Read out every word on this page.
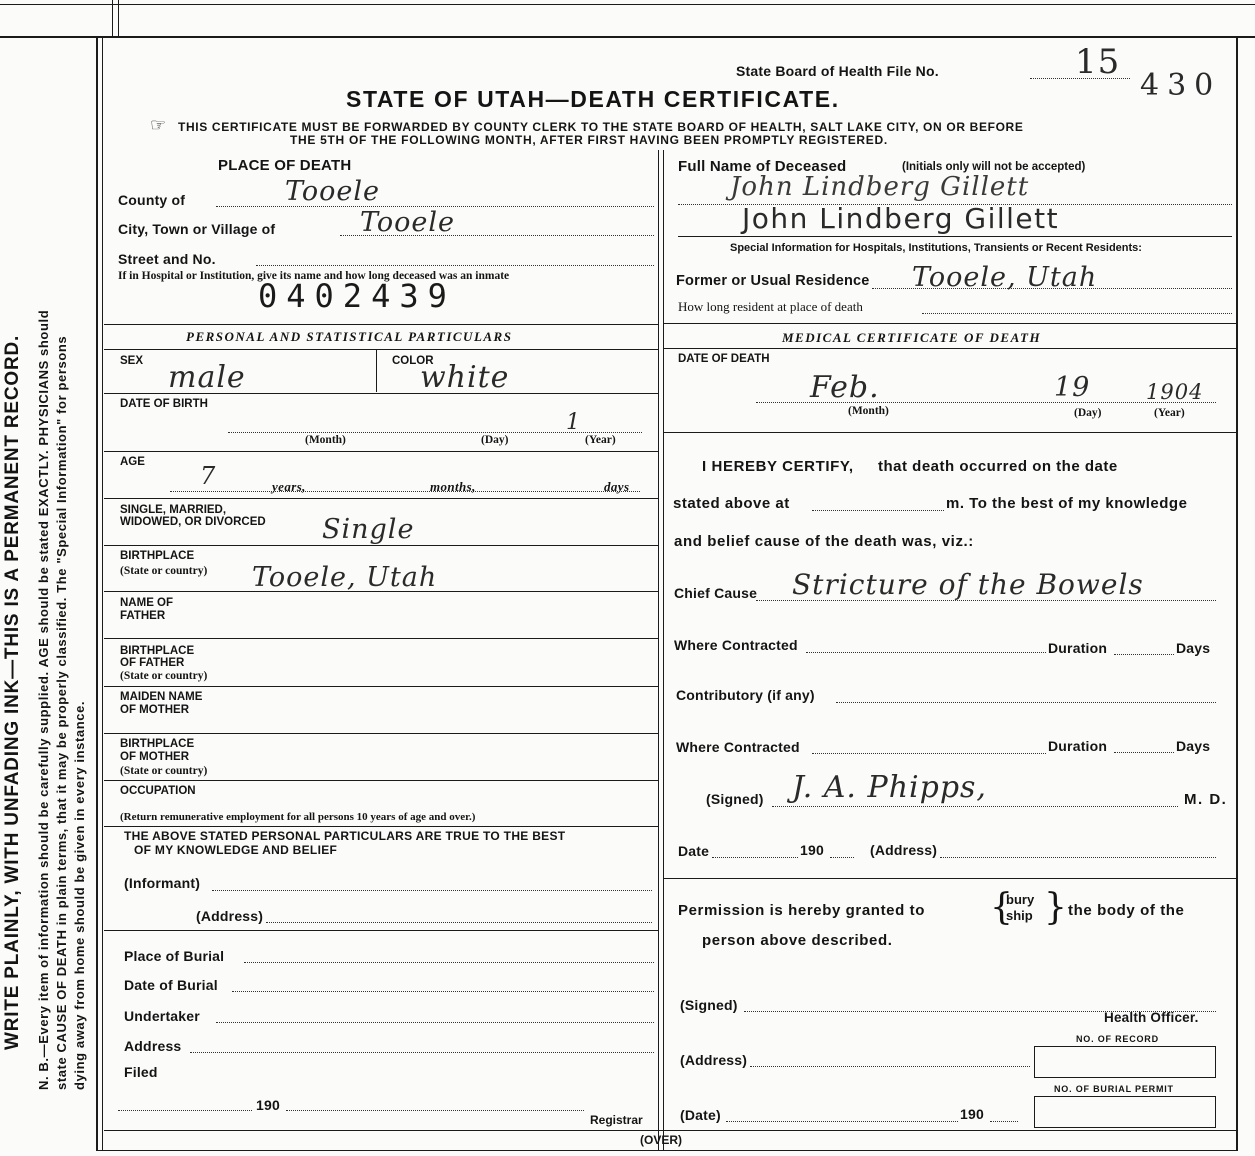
WRITE PLAINLY, WITH UNFADING INK—THIS IS A PERMANENT RECORD. N. B.—Every item of information should be carefully supplied. AGE should be stated EXACTLY. PHYSICIANS should state CAUSE OF DEATH in plain terms, that it may be properly classified. The "Special Information" for persons dying away from home should be given in every instance.
State Board of Health File No.	15
430
STATE OF UTAH—DEATH CERTIFICATE.
☞ THIS CERTIFICATE MUST BE FORWARDED BY COUNTY CLERK TO THE STATE BOARD OF HEALTH, SALT LAKE CITY, ON OR BEFORE
THE 5TH OF THE FOLLOWING MONTH, AFTER FIRST HAVING BEEN PROMPTLY REGISTERED.
PLACE OF DEATH
County of	Tooele
City, Town or Village of	Tooele
Street and No.
If in Hospital or Institution, give its name and how long deceased was an inmate
0402439
Full Name of Deceased	(Initials only will not be accepted)
John Lindberg Gillett
John Lindberg Gillett
Special Information for Hospitals, Institutions, Transients or Recent Residents:
Former or Usual Residence Tooele, Utah
How long resident at place of death
PERSONAL AND STATISTICAL PARTICULARS
SEX male	COLOR
white
DATE OF BIRTH
1
(Month)	(Day)	(Year)
AGE 7	years,	months,	days
SINGLE, MARRIED,
WIDOWED, OR DIVORCED Single
BIRTHPLACE
(State or country) Tooele, Utah
NAME OF
FATHER
BIRTHPLACE
OF FATHER
(State or country)
MAIDEN NAME
OF MOTHER
BIRTHPLACE
OF MOTHER
(State or country)
OCCUPATION
(Return remunerative employment for all persons 10 years of age and over.)
THE ABOVE STATED PERSONAL PARTICULARS ARE TRUE TO THE BEST
OF MY KNOWLEDGE AND BELIEF
(Informant)
(Address)
Place of Burial
Date of Burial
Undertaker
Address
Filed
190
Registrar
MEDICAL CERTIFICATE OF DEATH
DATE OF DEATH
Feb.	19	1904
(Month)	(Day)	(Year)
I HEREBY CERTIFY, that death occurred on the date
stated above at	m. To the best of my knowledge
and belief cause of the death was, viz.:
Chief Cause Stricture of the Bowels
Where Contracted	Duration	Days
Contributory (if any)
Where Contracted	Duration	Days
(Signed) J. A. Phipps,	M. D.
Date	190	(Address)
Permission is hereby granted to {
bury
ship } the body of the
person above described.
(Signed)
Health Officer.
NO. OF RECORD
(Address)
NO. OF BURIAL PERMIT
(Date)	190
(OVER)
